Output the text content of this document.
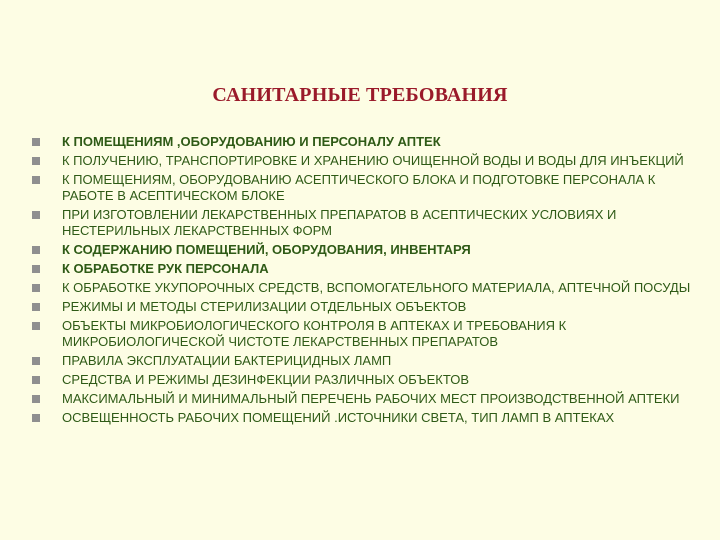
САНИТАРНЫЕ ТРЕБОВАНИЯ
К ПОМЕЩЕНИЯМ ,ОБОРУДОВАНИЮ И ПЕРСОНАЛУ АПТЕК
К ПОЛУЧЕНИЮ, ТРАНСПОРТИРОВКЕ И ХРАНЕНИЮ ОЧИЩЕННОЙ ВОДЫ И ВОДЫ ДЛЯ ИНЪЕКЦИЙ
К ПОМЕЩЕНИЯМ, ОБОРУДОВАНИЮ АСЕПТИЧЕСКОГО БЛОКА И ПОДГОТОВКЕ ПЕРСОНАЛА К РАБОТЕ В АСЕПТИЧЕСКОМ БЛОКЕ
ПРИ ИЗГОТОВЛЕНИИ ЛЕКАРСТВЕННЫХ ПРЕПАРАТОВ В АСЕПТИЧЕСКИХ УСЛОВИЯХ И НЕСТЕРИЛЬНЫХ ЛЕКАРСТВЕННЫХ ФОРМ
К СОДЕРЖАНИЮ ПОМЕЩЕНИЙ, ОБОРУДОВАНИЯ, ИНВЕНТАРЯ
К ОБРАБОТКЕ РУК ПЕРСОНАЛА
К ОБРАБОТКЕ УКУПОРОЧНЫХ СРЕДСТВ, ВСПОМОГАТЕЛЬНОГО МАТЕРИАЛА, АПТЕЧНОЙ ПОСУДЫ
РЕЖИМЫ И МЕТОДЫ СТЕРИЛИЗАЦИИ ОТДЕЛЬНЫХ ОБЪЕКТОВ
ОБЪЕКТЫ МИКРОБИОЛОГИЧЕСКОГО КОНТРОЛЯ В АПТЕКАХ И ТРЕБОВАНИЯ К МИКРОБИОЛОГИЧЕСКОЙ ЧИСТОТЕ ЛЕКАРСТВЕННЫХ ПРЕПАРАТОВ
ПРАВИЛА ЭКСПЛУАТАЦИИ БАКТЕРИЦИДНЫХ ЛАМП
СРЕДСТВА И РЕЖИМЫ ДЕЗИНФЕКЦИИ РАЗЛИЧНЫХ ОБЪЕКТОВ
МАКСИМАЛЬНЫЙ И МИНИМАЛЬНЫЙ ПЕРЕЧЕНЬ РАБОЧИХ МЕСТ ПРОИЗВОДСТВЕННОЙ АПТЕКИ
ОСВЕЩЕННОСТЬ РАБОЧИХ ПОМЕЩЕНИЙ .ИСТОЧНИКИ СВЕТА, ТИП ЛАМП В АПТЕКАХ
